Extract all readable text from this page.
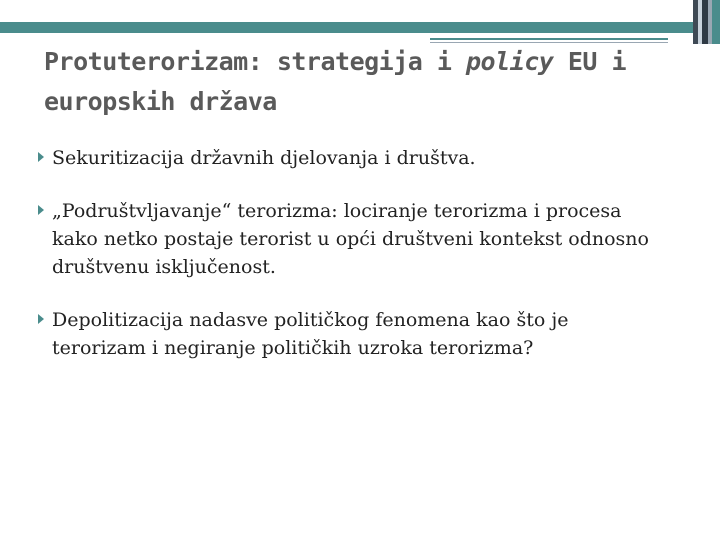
Protuterorizam: strategija i policy EU i europskih država

Sekuritizacija državnih djelovanja i društva.

„Podruštvljavanje“ terorizma: lociranje terorizma i procesa kako netko postaje terorist u opći društveni kontekst odnosno društvenu isključenost.

Depolitizacija nadasve političkog fenomena kao što je terorizam i negiranje političkih uzroka terorizma?
